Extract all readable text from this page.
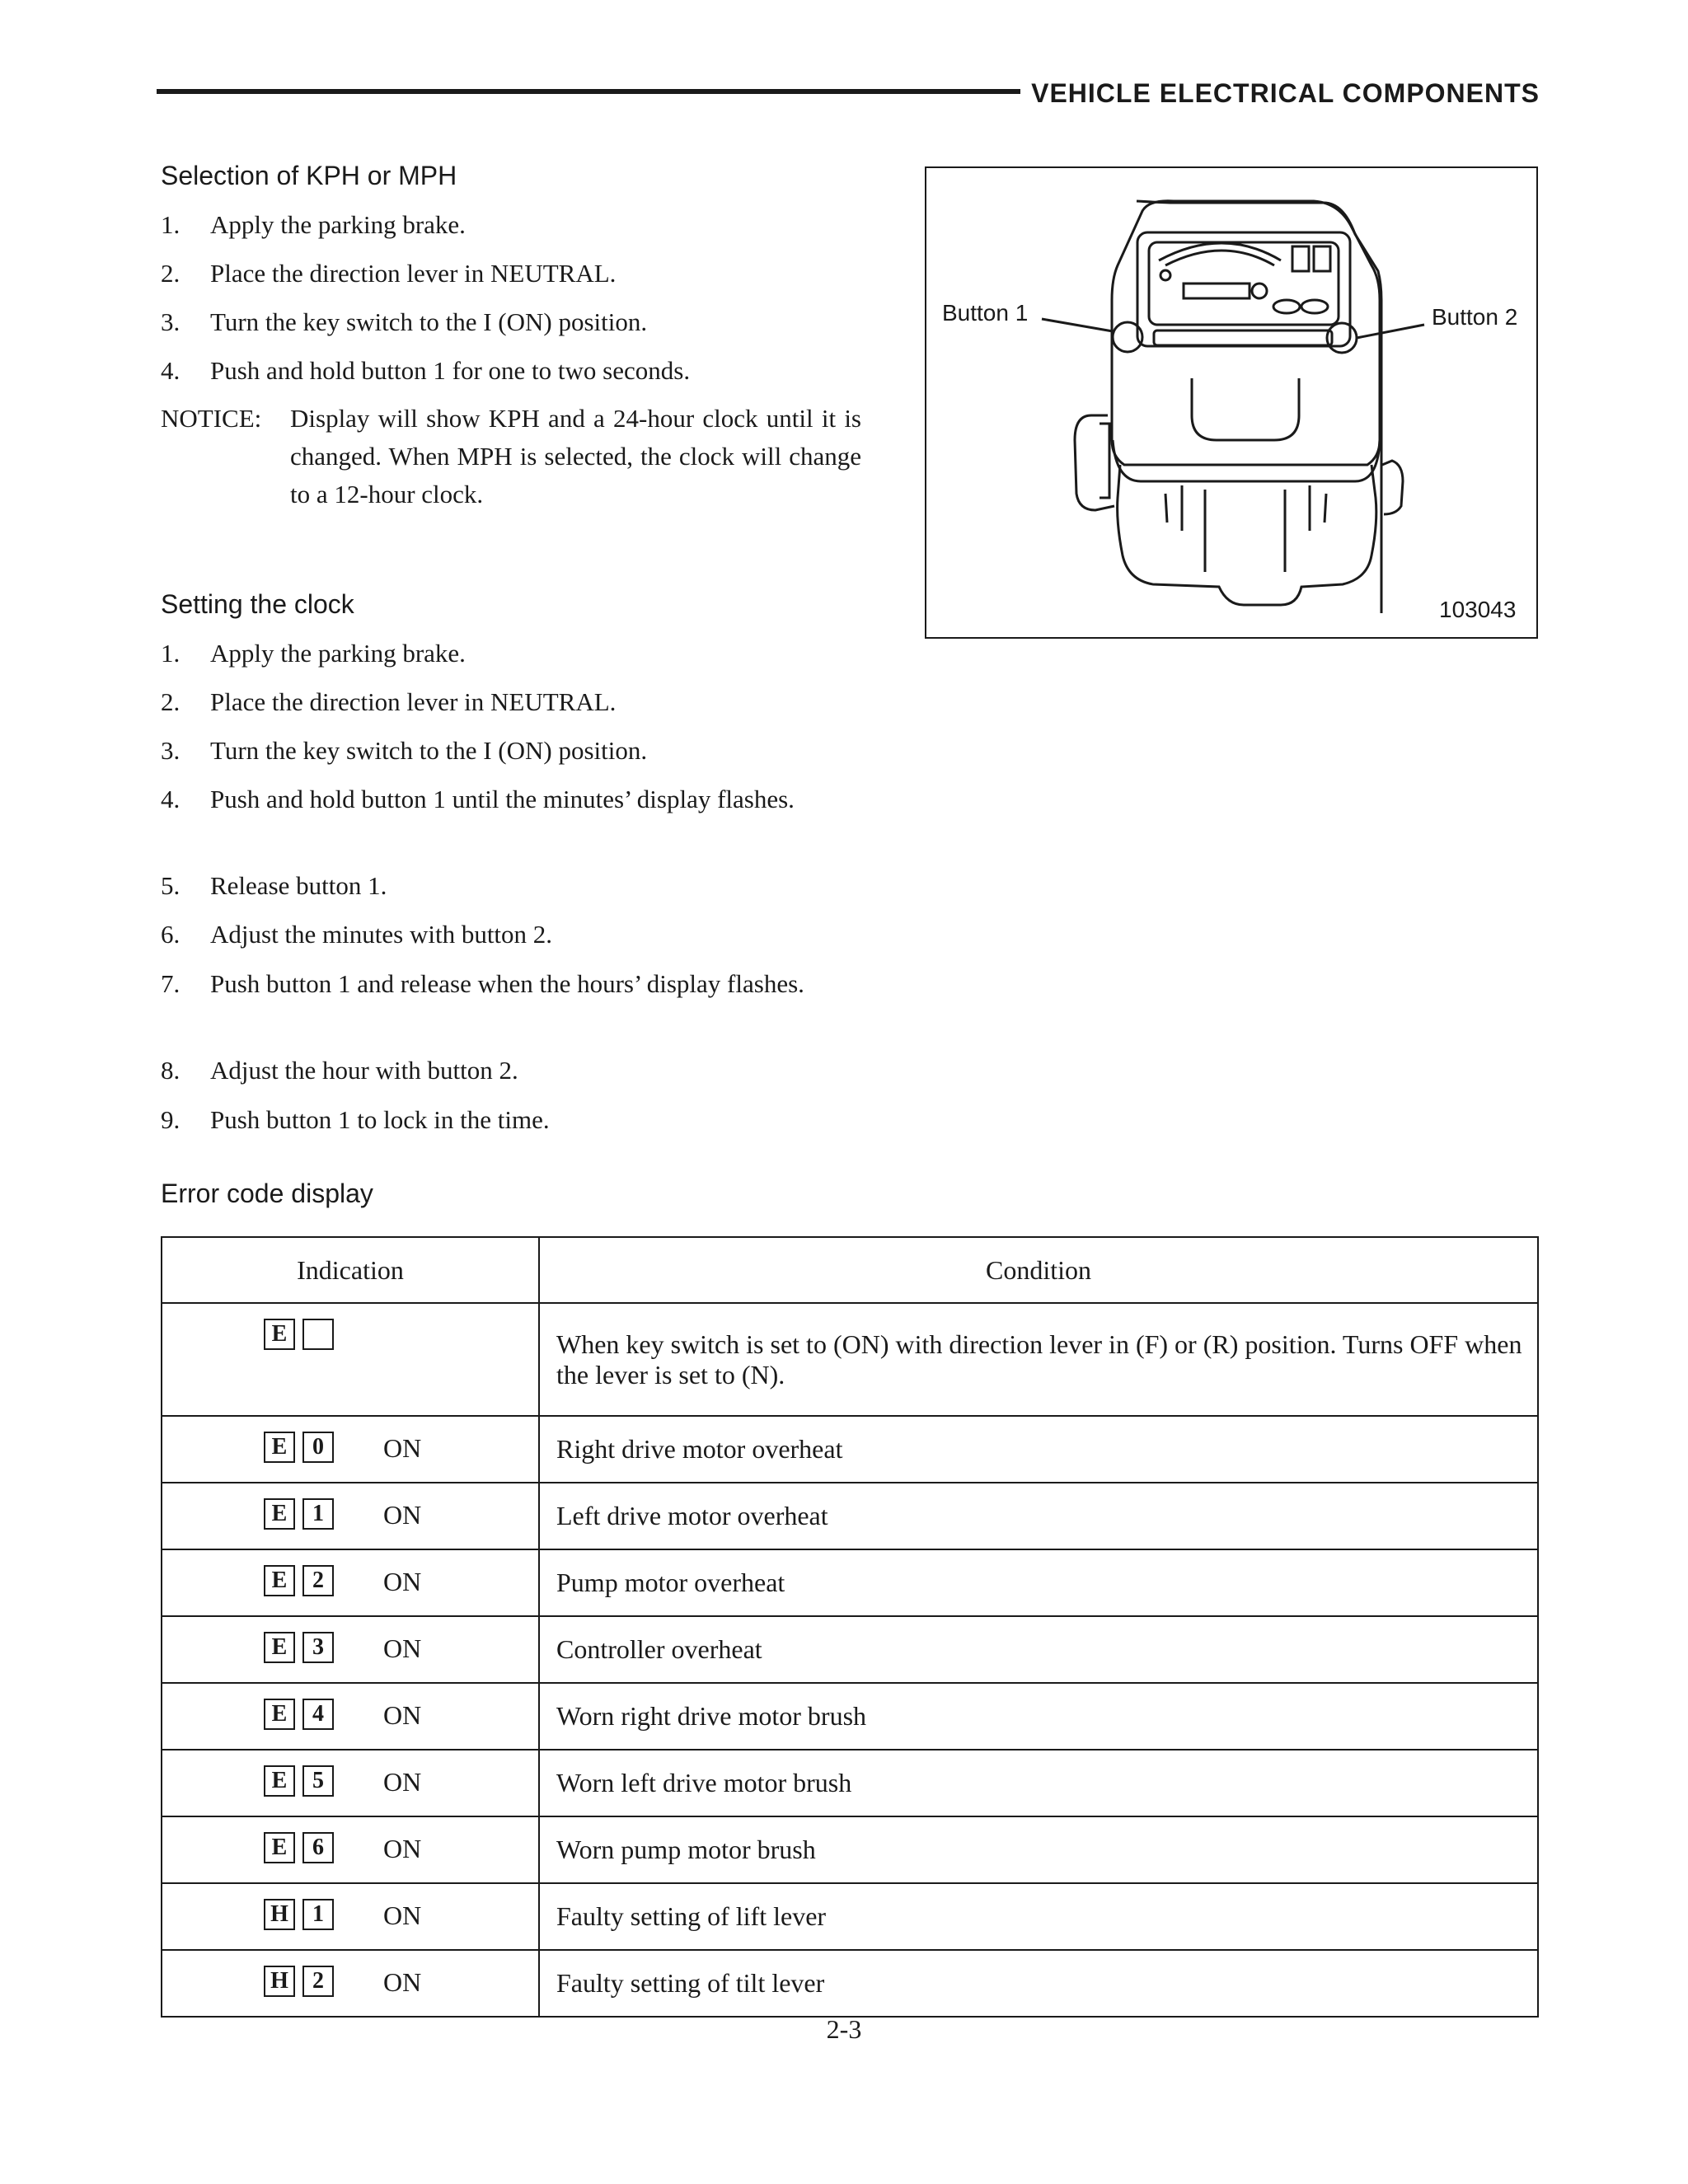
VEHICLE ELECTRICAL COMPONENTS
Selection of KPH or MPH
1. Apply the parking brake.
2. Place the direction lever in NEUTRAL.
3. Turn the key switch to the I (ON) position.
4. Push and hold button 1 for one to two seconds.
NOTICE: Display will show KPH and a 24-hour clock until it is changed. When MPH is selected, the clock will change to a 12-hour clock.
Setting the clock
1. Apply the parking brake.
2. Place the direction lever in NEUTRAL.
3. Turn the key switch to the I (ON) position.
4. Push and hold button 1 until the minutes’ display flashes.
5. Release button 1.
6. Adjust the minutes with button 2.
7. Push button 1 and release when the hours’ display flashes.
8. Adjust the hour with button 2.
9. Push button 1 to lock in the time.
Button 1	Button 2
103043
Error code display
Indication	Condition

E	When key switch is set to (ON) with direction lever in (F) or (R) position. Turns OFF when the lever is set to (N).

E 0 ON	Right drive motor overheat

E 1 ON	Left drive motor overheat

E 2 ON	Pump motor overheat

E 3 ON	Controller overheat

E 4 ON	Worn right drive motor brush

E 5 ON	Worn left drive motor brush

E 6 ON	Worn pump motor brush

H 1 ON	Faulty setting of lift lever

H 2 ON	Faulty setting of tilt lever
2-3
